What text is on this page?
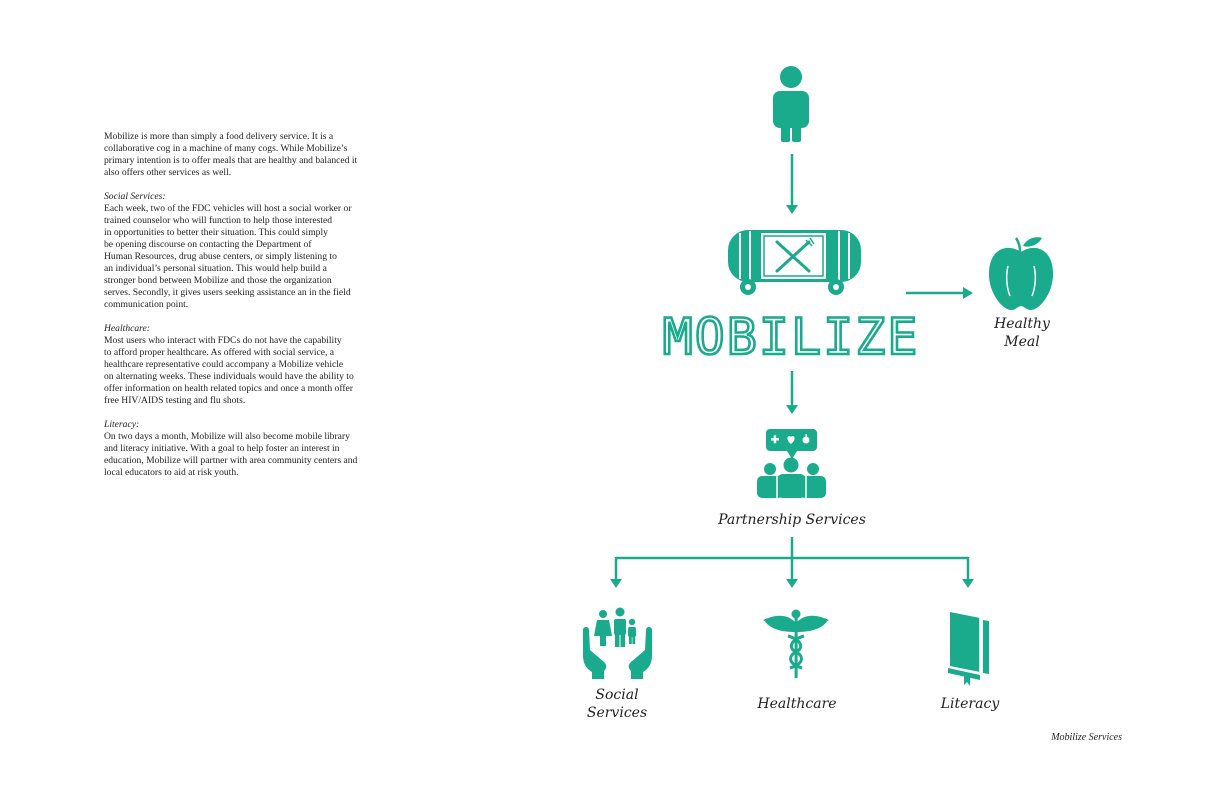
Mobilize is more than simply a food delivery service. It is a
collaborative cog in a machine of many cogs. While Mobilize’s
primary intention is to offer meals that are healthy and balanced it
also offers other services as well.

Social Services:
Each week, two of the FDC vehicles will host a social worker or
trained counselor who will function to help those interested
in opportunities to better their situation. This could simply
be opening discourse on contacting the Department of
Human Resources, drug abuse centers, or simply listening to
an individual’s personal situation. This would help build a
stronger bond between Mobilize and those the organization
serves. Secondly, it gives users seeking assistance an in the field
communication point.

Healthcare:
Most users who interact with FDCs do not have the capability
to afford proper healthcare. As offered with social service, a
healthcare representative could accompany a Mobilize vehicle
on alternating weeks. These individuals would have the ability to
offer information on health related topics and once a month offer
free HIV/AIDS testing and flu shots.

Literacy:
On two days a month, Mobilize will also become mobile library
and literacy initiative. With a goal to help foster an interest in
education, Mobilize will partner with area community centers and
local educators to aid at risk youth.

MOBILIZE	Healthy
Meal
Partnership Services
Social
Services
Healthcare	Literacy
Mobilize Services
